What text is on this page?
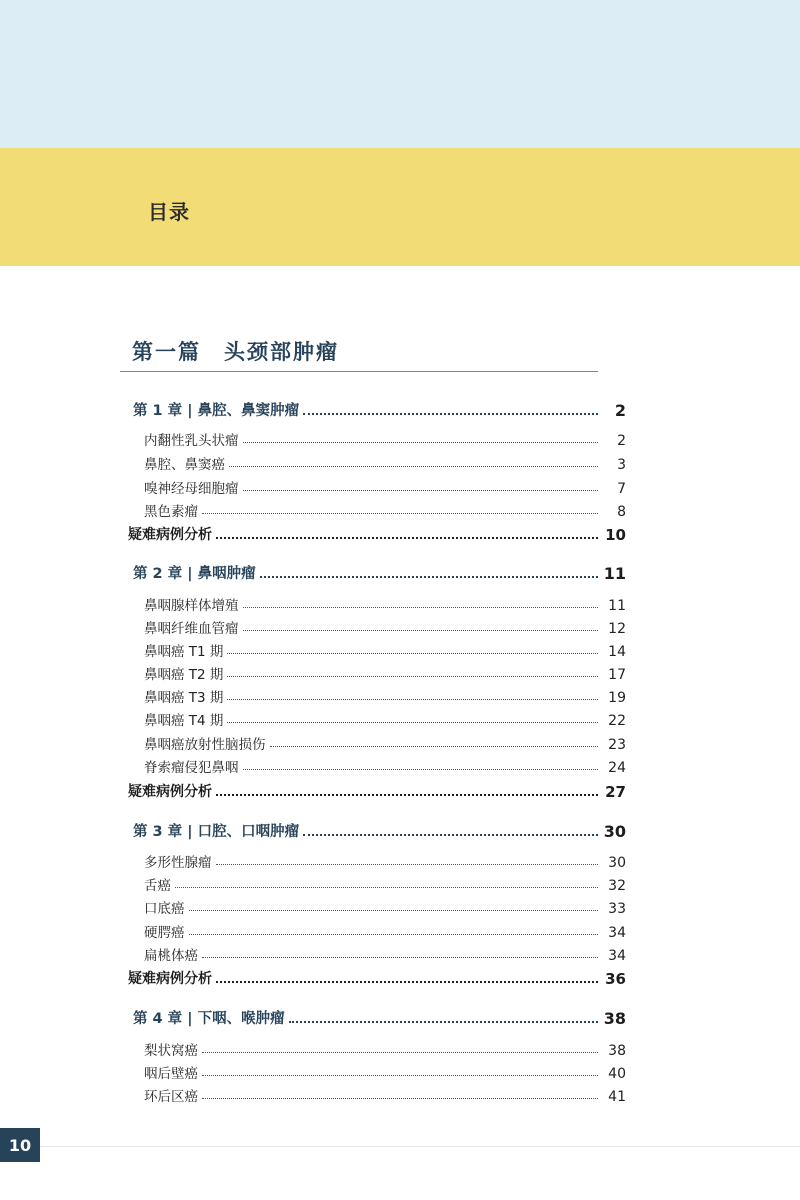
目录
第一篇　头颈部肿瘤
第 1 章 | 鼻腔、鼻窦肿瘤	2
内翻性乳头状瘤	2
鼻腔、鼻窦癌	3
嗅神经母细胞瘤	7
黑色素瘤	8
疑难病例分析	10
第 2 章 | 鼻咽肿瘤	11
鼻咽腺样体增殖	11
鼻咽纤维血管瘤	12
鼻咽癌 T1 期	14
鼻咽癌 T2 期	17
鼻咽癌 T3 期	19
鼻咽癌 T4 期	22
鼻咽癌放射性脑损伤	23
脊索瘤侵犯鼻咽	24
疑难病例分析	27
第 3 章 | 口腔、口咽肿瘤	30
多形性腺瘤	30
舌癌	32
口底癌	33
硬腭癌	34
扁桃体癌	34
疑难病例分析	36
第 4 章 | 下咽、喉肿瘤	38
梨状窝癌	38
咽后壁癌	40
环后区癌	41
10
